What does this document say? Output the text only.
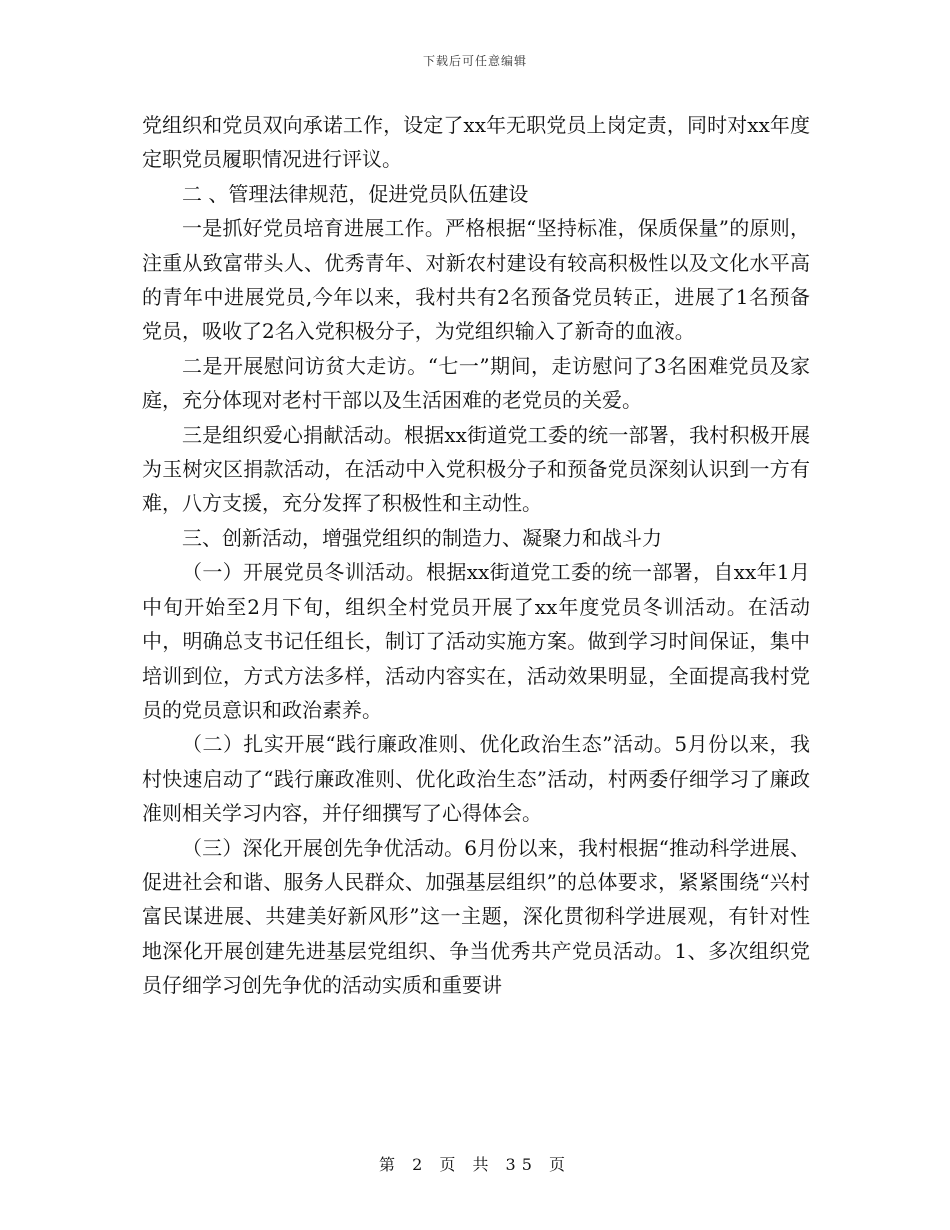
下载后可任意编辑

党组织和党员双向承诺工作，设定了xx年无职党员上岗定责，同时对xx年度定职党员履职情况进行评议。

二 、管理法律规范，促进党员队伍建设

一是抓好党员培育进展工作。严格根据“坚持标准，保质保量”的原则，注重从致富带头人、优秀青年、对新农村建设有较高积极性以及文化水平高的青年中进展党员,今年以来，我村共有2名预备党员转正，进展了1名预备党员，吸收了2名入党积极分子，为党组织输入了新奇的血液。

二是开展慰问访贫大走访。“七一”期间，走访慰问了3名困难党员及家庭，充分体现对老村干部以及生活困难的老党员的关爱。

三是组织爱心捐献活动。根据xx街道党工委的统一部署，我村积极开展为玉树灾区捐款活动，在活动中入党积极分子和预备党员深刻认识到一方有难，八方支援，充分发挥了积极性和主动性。

三、创新活动，增强党组织的制造力、凝聚力和战斗力

（一）开展党员冬训活动。根据xx街道党工委的统一部署，自xx年1月中旬开始至2月下旬，组织全村党员开展了xx年度党员冬训活动。在活动中，明确总支书记任组长，制订了活动实施方案。做到学习时间保证，集中培训到位，方式方法多样，活动内容实在，活动效果明显，全面提高我村党员的党员意识和政治素养。

（二）扎实开展“践行廉政准则、优化政治生态”活动。5月份以来，我村快速启动了“践行廉政准则、优化政治生态”活动，村两委仔细学习了廉政准则相关学习内容，并仔细撰写了心得体会。

（三）深化开展创先争优活动。6月份以来，我村根据“推动科学进展、促进社会和谐、服务人民群众、加强基层组织”的总体要求，紧紧围绕“兴村富民谋进展、共建美好新风形”这一主题，深化贯彻科学进展观，有针对性地深化开展创建先进基层党组织、争当优秀共产党员活动。1、多次组织党员仔细学习创先争优的活动实质和重要讲

第 2 页 共 35 页
